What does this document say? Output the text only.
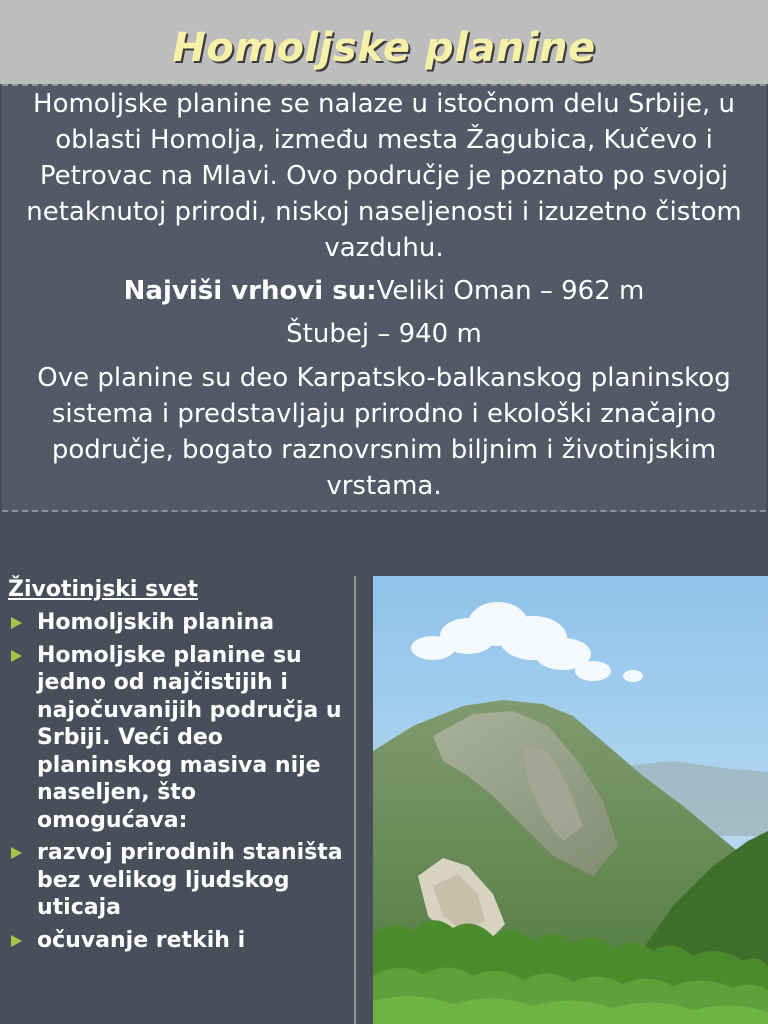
Homoljske planine
Homoljske planine se nalaze u istočnom delu Srbije, u oblasti Homolja, između mesta Žagubica, Kučevo i Petrovac na Mlavi. Ovo područje je poznato po svojoj netaknutoj prirodi, niskoj naseljenosti i izuzetno čistom vazduhu.
Najviši vrhovi su:Veliki Oman – 962 m
Štubej – 940 m
Ove planine su deo Karpatsko-balkanskog planinskog sistema i predstavljaju prirodno i ekološki značajno područje, bogato raznovrsnim biljnim i životinjskim vrstama.

Životinjski svet

Homoljskih planina
Homoljske planine su jedno od najčistijih i najočuvanijih područja u Srbiji. Veći deo planinskog masiva nije naseljen, što omogućava:
razvoj prirodnih staništa bez velikog ljudskog uticaja
očuvanje retkih i
